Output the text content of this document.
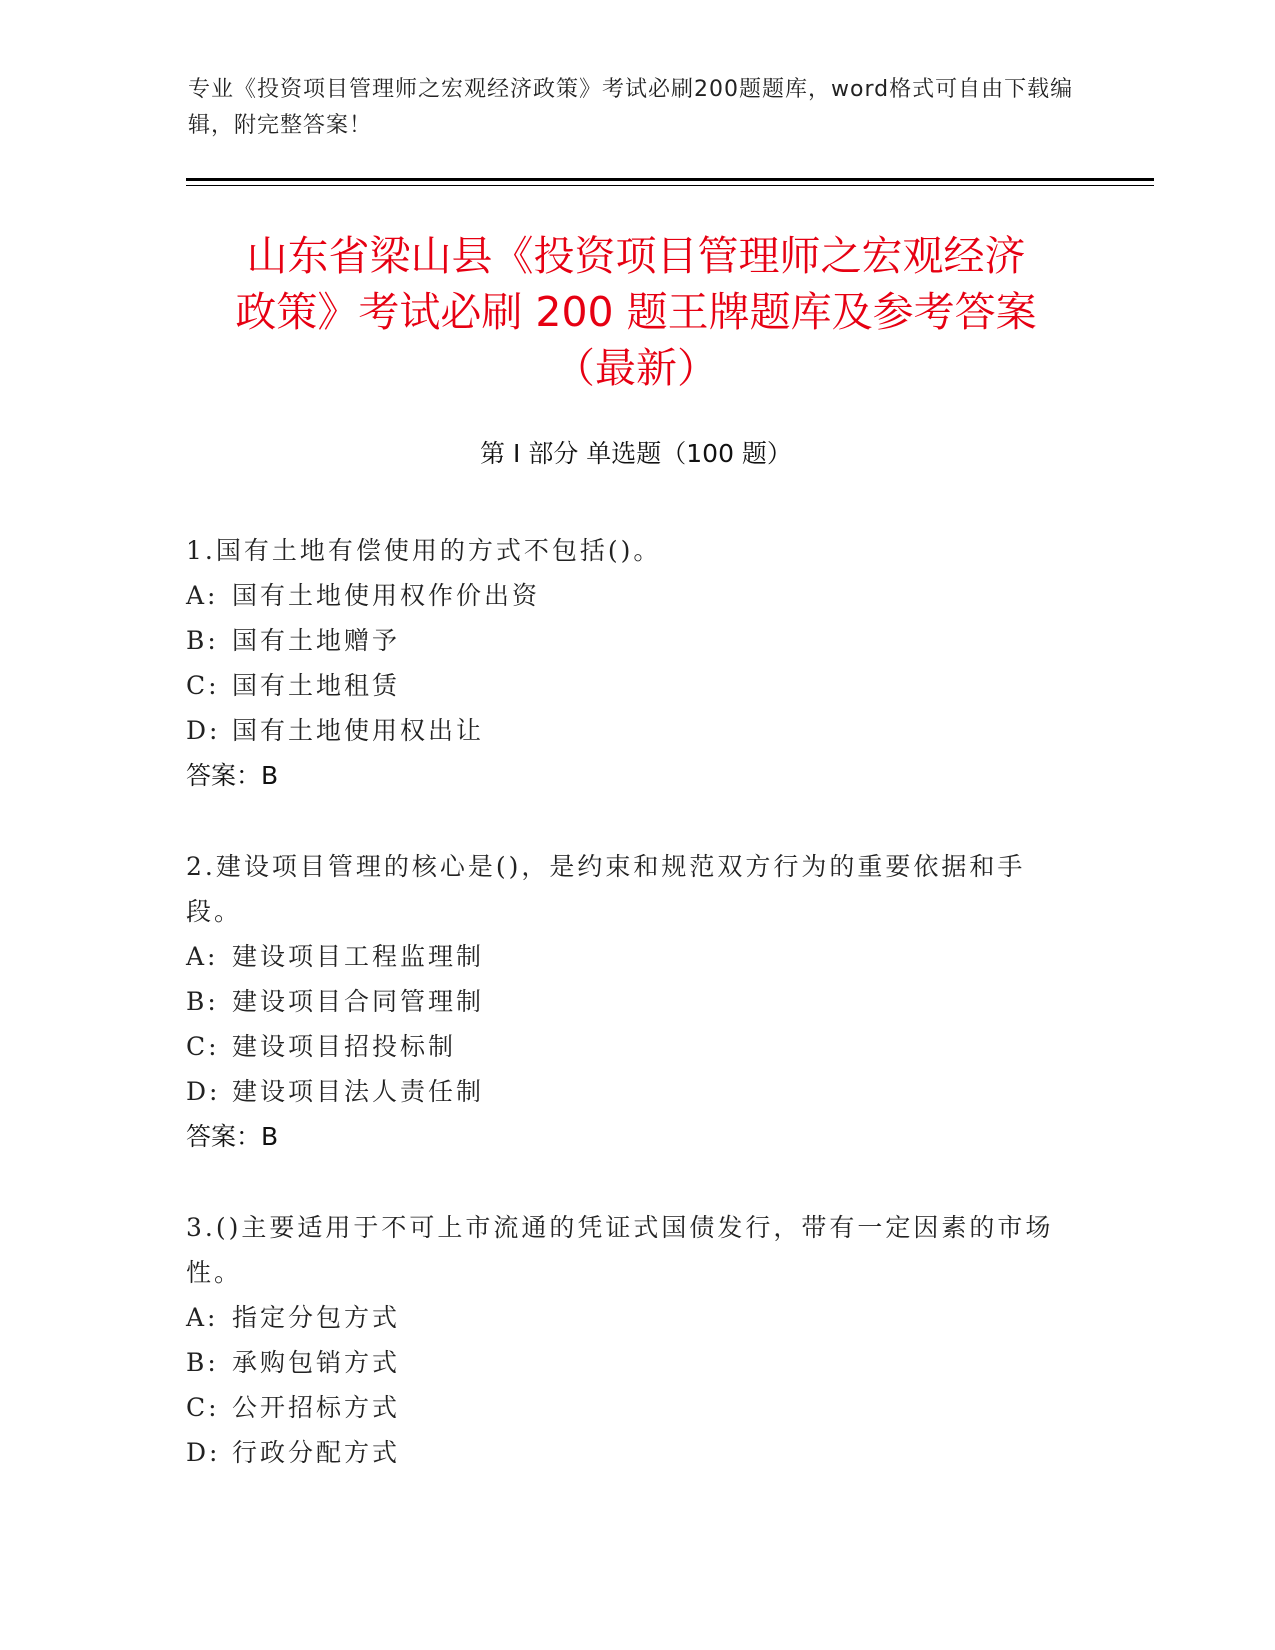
专业《投资项目管理师之宏观经济政策》考试必刷200题题库，word格式可自由下载编辑，附完整答案！
山东省梁山县《投资项目管理师之宏观经济
政策》考试必刷 200 题王牌题库及参考答案
（最新）
第 I 部分 单选题（100 题）
1.国有土地有偿使用的方式不包括()。
A: 国有土地使用权作价出资
B: 国有土地赠予
C: 国有土地租赁
D: 国有土地使用权出让
答案：B
2.建设项目管理的核心是()，是约束和规范双方行为的重要依据和手段。
A: 建设项目工程监理制
B: 建设项目合同管理制
C: 建设项目招投标制
D: 建设项目法人责任制
答案：B
3.()主要适用于不可上市流通的凭证式国债发行，带有一定因素的市场性。
A: 指定分包方式
B: 承购包销方式
C: 公开招标方式
D: 行政分配方式
